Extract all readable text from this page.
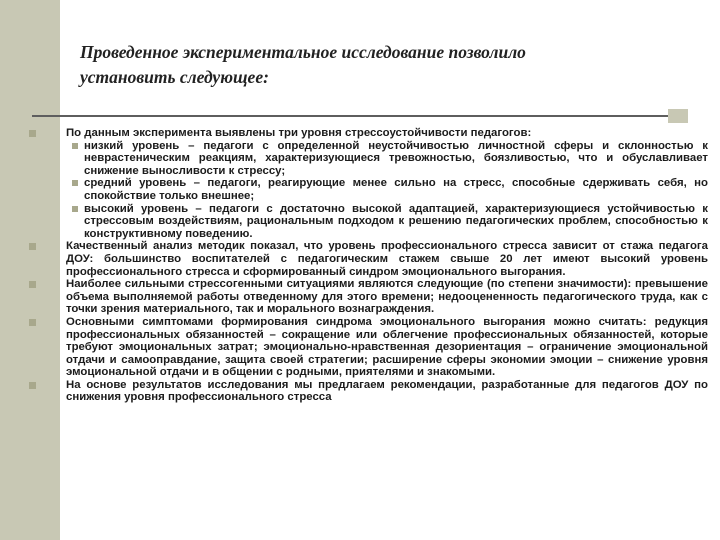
Проведенное экспериментальное исследование позволило
установить следующее:
По данным эксперимента выявлены три уровня стрессоустойчивости педагогов:
низкий уровень – педагоги с определенной неустойчивостью личностной сферы и склонностью к неврастеническим реакциям, характеризующиеся тревожностью, боязливостью, что и обуславливает снижение выносливости к стрессу;
средний уровень – педагоги, реагирующие менее сильно на стресс, способные сдерживать себя, но спокойствие только внешнее;
высокий уровень – педагоги с достаточно высокой адаптацией, характеризующиеся устойчивостью к стрессовым воздействиям, рациональным подходом к решению педагогических проблем, способностью к конструктивному поведению.
Качественный анализ методик показал, что уровень профессионального стресса зависит от стажа педагога ДОУ: большинство воспитателей с педагогическим стажем свыше 20 лет имеют высокий уровень профессионального стресса и сформированный синдром эмоционального выгорания.
Наиболее сильными стрессогенными ситуациями являются следующие (по степени значимости): превышение объема выполняемой работы отведенному для этого времени; недооцененность педагогического труда, как с точки зрения материального, так и морального вознаграждения.
Основными симптомами формирования синдрома эмоционального выгорания можно считать: редукция профессиональных обязанностей – сокращение или облегчение профессиональных обязанностей, которые требуют эмоциональных затрат; эмоционально-нравственная дезориентация – ограничение эмоциональной отдачи и самооправдание, защита своей стратегии; расширение сферы экономии эмоции – снижение уровня эмоциональной отдачи и в общении с родными, приятелями и знакомыми.
На основе результатов исследования мы предлагаем рекомендации, разработанные для педагогов ДОУ по снижения уровня профессионального стресса
